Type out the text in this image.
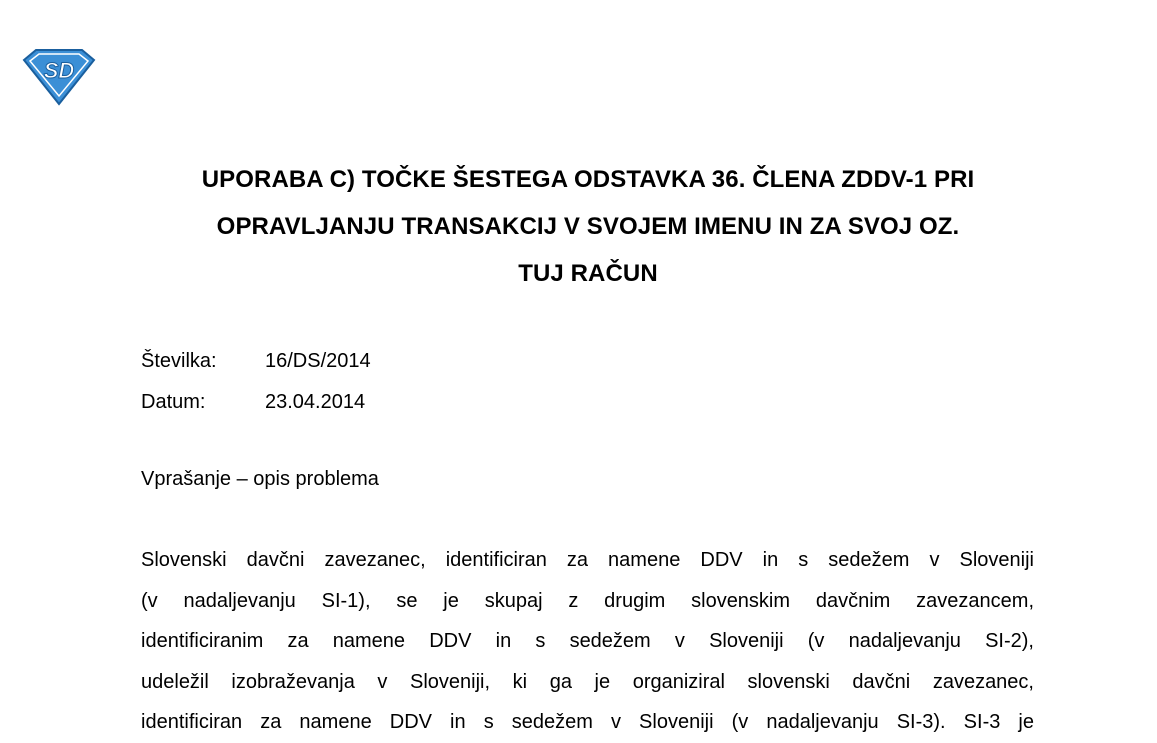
SD
UPORABA C) TOČKE ŠESTEGA ODSTAVKA 36. ČLENA ZDDV-1 PRI
OPRAVLJANJU TRANSAKCIJ V SVOJEM IMENU IN ZA SVOJ OZ.
TUJ RAČUN
Številka:	16/DS/2014
Datum:	23.04.2014
Vprašanje – opis problema
Slovenski davčni zavezanec, identificiran za namene DDV in s sedežem v Sloveniji
(v nadaljevanju SI-1), se je skupaj z drugim slovenskim davčnim zavezancem,
identificiranim za namene DDV in s sedežem v Sloveniji (v nadaljevanju SI-2),
udeležil izobraževanja v Sloveniji, ki ga je organiziral slovenski davčni zavezanec,
identificiran za namene DDV in s sedežem v Sloveniji (v nadaljevanju SI-3). SI-3 je
